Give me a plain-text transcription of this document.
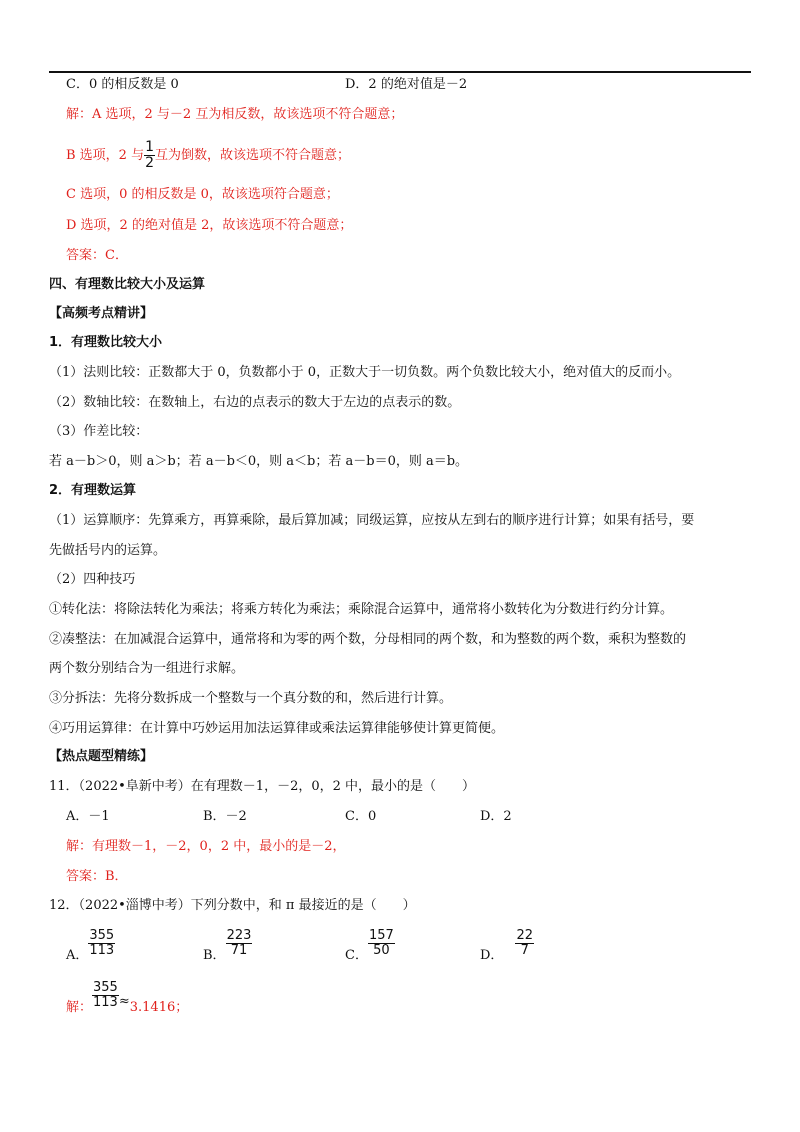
C．0 的相反数是 0	D．2 的绝对值是－2
解：A 选项，2 与－2 互为相反数，故该选项不符合题意；
B 选项，2 与 $\frac{1}{2}$ 互为倒数，故该选项不符合题意；
C 选项，0 的相反数是 0，故该选项符合题意；
D 选项，2 的绝对值是 2，故该选项不符合题意；
答案：C．
四、有理数比较大小及运算
【高频考点精讲】
1．有理数比较大小
（1）法则比较：正数都大于 0，负数都小于 0，正数大于一切负数。两个负数比较大小，绝对值大的反而小。
（2）数轴比较：在数轴上，右边的点表示的数大于左边的点表示的数。
（3）作差比较：
若 a－b＞0，则 a＞b；若 a－b＜0，则 a＜b；若 a－b＝0，则 a＝b。
2．有理数运算
（1）运算顺序：先算乘方，再算乘除，最后算加减；同级运算，应按从左到右的顺序进行计算；如果有括号，要
先做括号内的运算。
（2）四种技巧
①转化法：将除法转化为乘法；将乘方转化为乘法；乘除混合运算中，通常将小数转化为分数进行约分计算。
②凑整法：在加减混合运算中，通常将和为零的两个数，分母相同的两个数，和为整数的两个数，乘积为整数的
两个数分别结合为一组进行求解。
③分拆法：先将分数拆成一个整数与一个真分数的和，然后进行计算。
④巧用运算律：在计算中巧妙运用加法运算律或乘法运算律能够使计算更简便。
【热点题型精练】
11．（2022•阜新中考）在有理数－1，－2，0，2 中，最小的是（　　）
A．－1	B．－2	C．0	D．2
解：有理数－1，－2，0，2 中，最小的是－2，
答案：B．
12．（2022•淄博中考）下列分数中，和 π 最接近的是（　　）
A． $\frac{355}{113}$	B． $\frac{223}{71}$	C． $\frac{157}{50}$	D． $\frac{22}{7}$
解： $\frac{355}{113} \approx 3.1416$；
